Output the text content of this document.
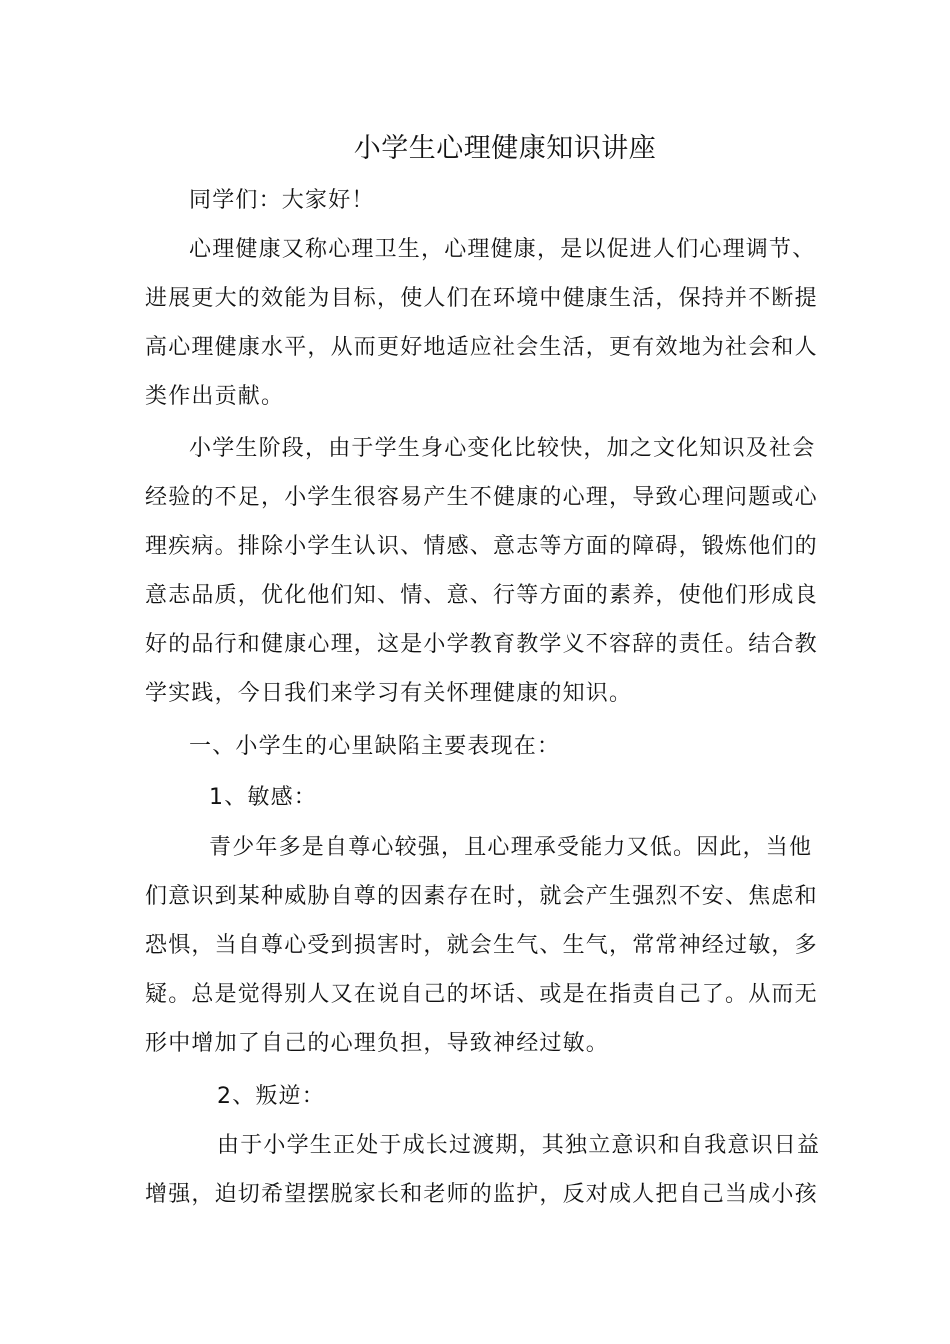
小学生心理健康知识讲座
同学们：大家好！
心理健康又称心理卫生，心理健康，是以促进人们心理调节、
进展更大的效能为目标，使人们在环境中健康生活，保持并不断提
高心理健康水平，从而更好地适应社会生活，更有效地为社会和人
类作出贡献。
小学生阶段，由于学生身心变化比较快，加之文化知识及社会
经验的不足，小学生很容易产生不健康的心理，导致心理问题或心
理疾病。排除小学生认识、情感、意志等方面的障碍，锻炼他们的
意志品质，优化他们知、情、意、行等方面的素养，使他们形成良
好的品行和健康心理，这是小学教育教学义不容辞的责任。结合教
学实践，今日我们来学习有关怀理健康的知识。
一、小学生的心里缺陷主要表现在：
1、敏感：
青少年多是自尊心较强，且心理承受能力又低。因此，当他
们意识到某种威胁自尊的因素存在时，就会产生强烈不安、焦虑和
恐惧，当自尊心受到损害时，就会生气、生气，常常神经过敏，多
疑。总是觉得别人又在说自己的坏话、或是在指责自己了。从而无
形中增加了自己的心理负担，导致神经过敏。
2、叛逆：
由于小学生正处于成长过渡期，其独立意识和自我意识日益
增强，迫切希望摆脱家长和老师的监护，反对成人把自己当成小孩
